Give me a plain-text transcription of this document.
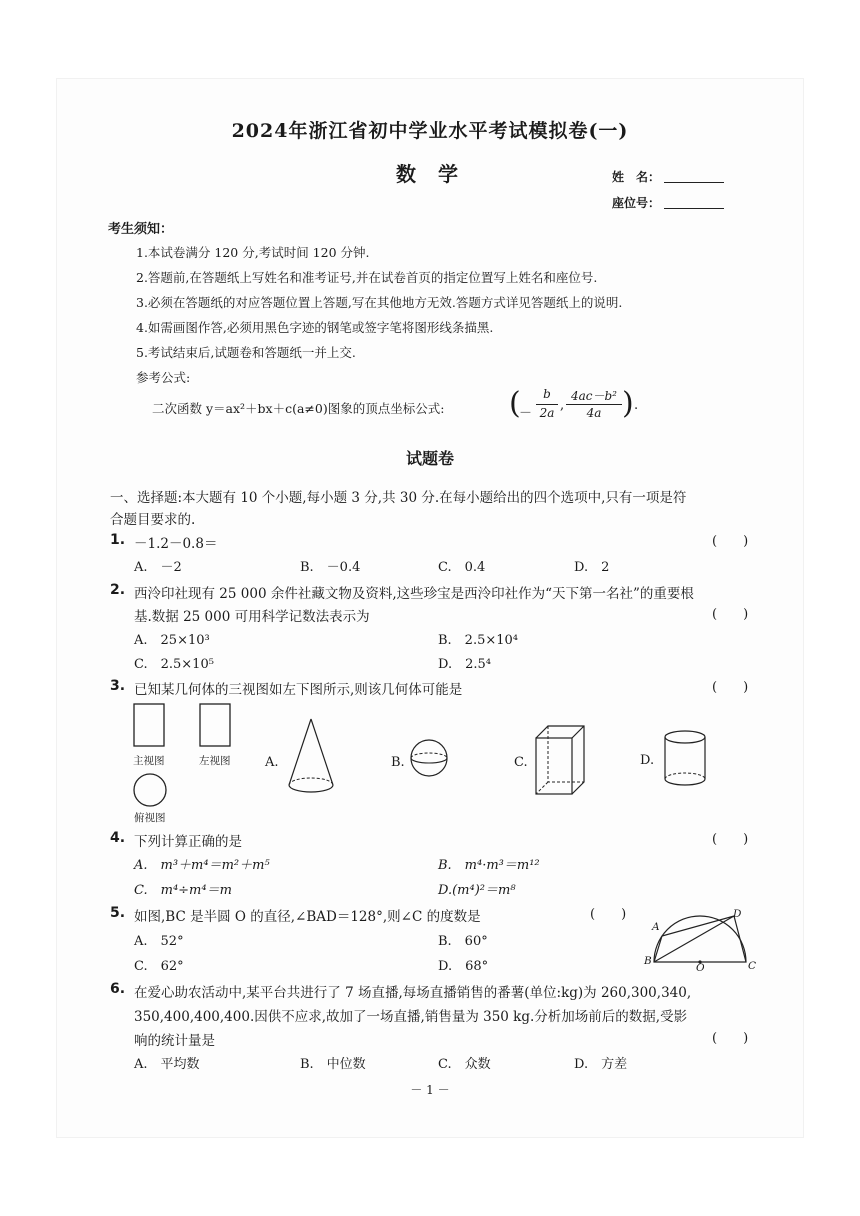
2024年浙江省初中学业水平考试模拟卷(一)
数学	姓　名：
座位号：
考生须知：
1.本试卷满分 120 分,考试时间 120 分钟.
2.答题前,在答题纸上写姓名和准考证号,并在试卷首页的指定位置写上姓名和座位号.
3.必须在答题纸的对应答题位置上答题,写在其他地方无效.答题方式详见答题纸上的说明.
4.如需画图作答,必须用黑色字迹的钢笔或签字笔将图形线条描黑.
5.考试结束后,试题卷和答题纸一并上交.
参考公式:
二次函数 y＝ax²＋bx＋c(a≠0)图象的顶点坐标公式: (
－
b
2a ,
4ac－b²
4a ) .
试题卷
一、选择题:本大题有 10 个小题,每小题 3 分,共 30 分.在每小题给出的四个选项中,只有一项是符
合题目要求的.
1. －1.2－0.8＝	(　　)
A.　－2	B.　－0.4	C.　0.4	D.　2
2. 西泠印社现有 25 000 余件社藏文物及资料,这些珍宝是西泠印社作为“天下第一名社”的重要根
基.数据 25 000 可用科学记数法表示为	(　　)
A.　25×10³	B.　2.5×10⁴
C.　2.5×10⁵	D.　2.5⁴
3. 已知某几何体的三视图如左下图所示,则该几何体可能是	(　　)
主视图	左视图
俯视图
A.	B.	C.	D.
4. 下列计算正确的是	(　　)
A.　m³＋m⁴＝m²＋m⁵	B.　m⁴·m³＝m¹²
C.　m⁴÷m⁴＝m	D.(m⁴)²＝m⁸
5. 如图,BC 是半圆 O 的直径,∠BAD＝128°,则∠C 的度数是	(　　)
A.　52°	B.　60°
C.　62°	D.　68°
A
D
B	C
O
6. 在爱心助农活动中,某平台共进行了 7 场直播,每场直播销售的番薯(单位:kg)为 260,300,340,
350,400,400,400.因供不应求,故加了一场直播,销售量为 350 kg.分析加场前后的数据,受影
响的统计量是	(　　)
A.　平均数	B.　中位数	C.　众数	D.　方差
－ 1 －
